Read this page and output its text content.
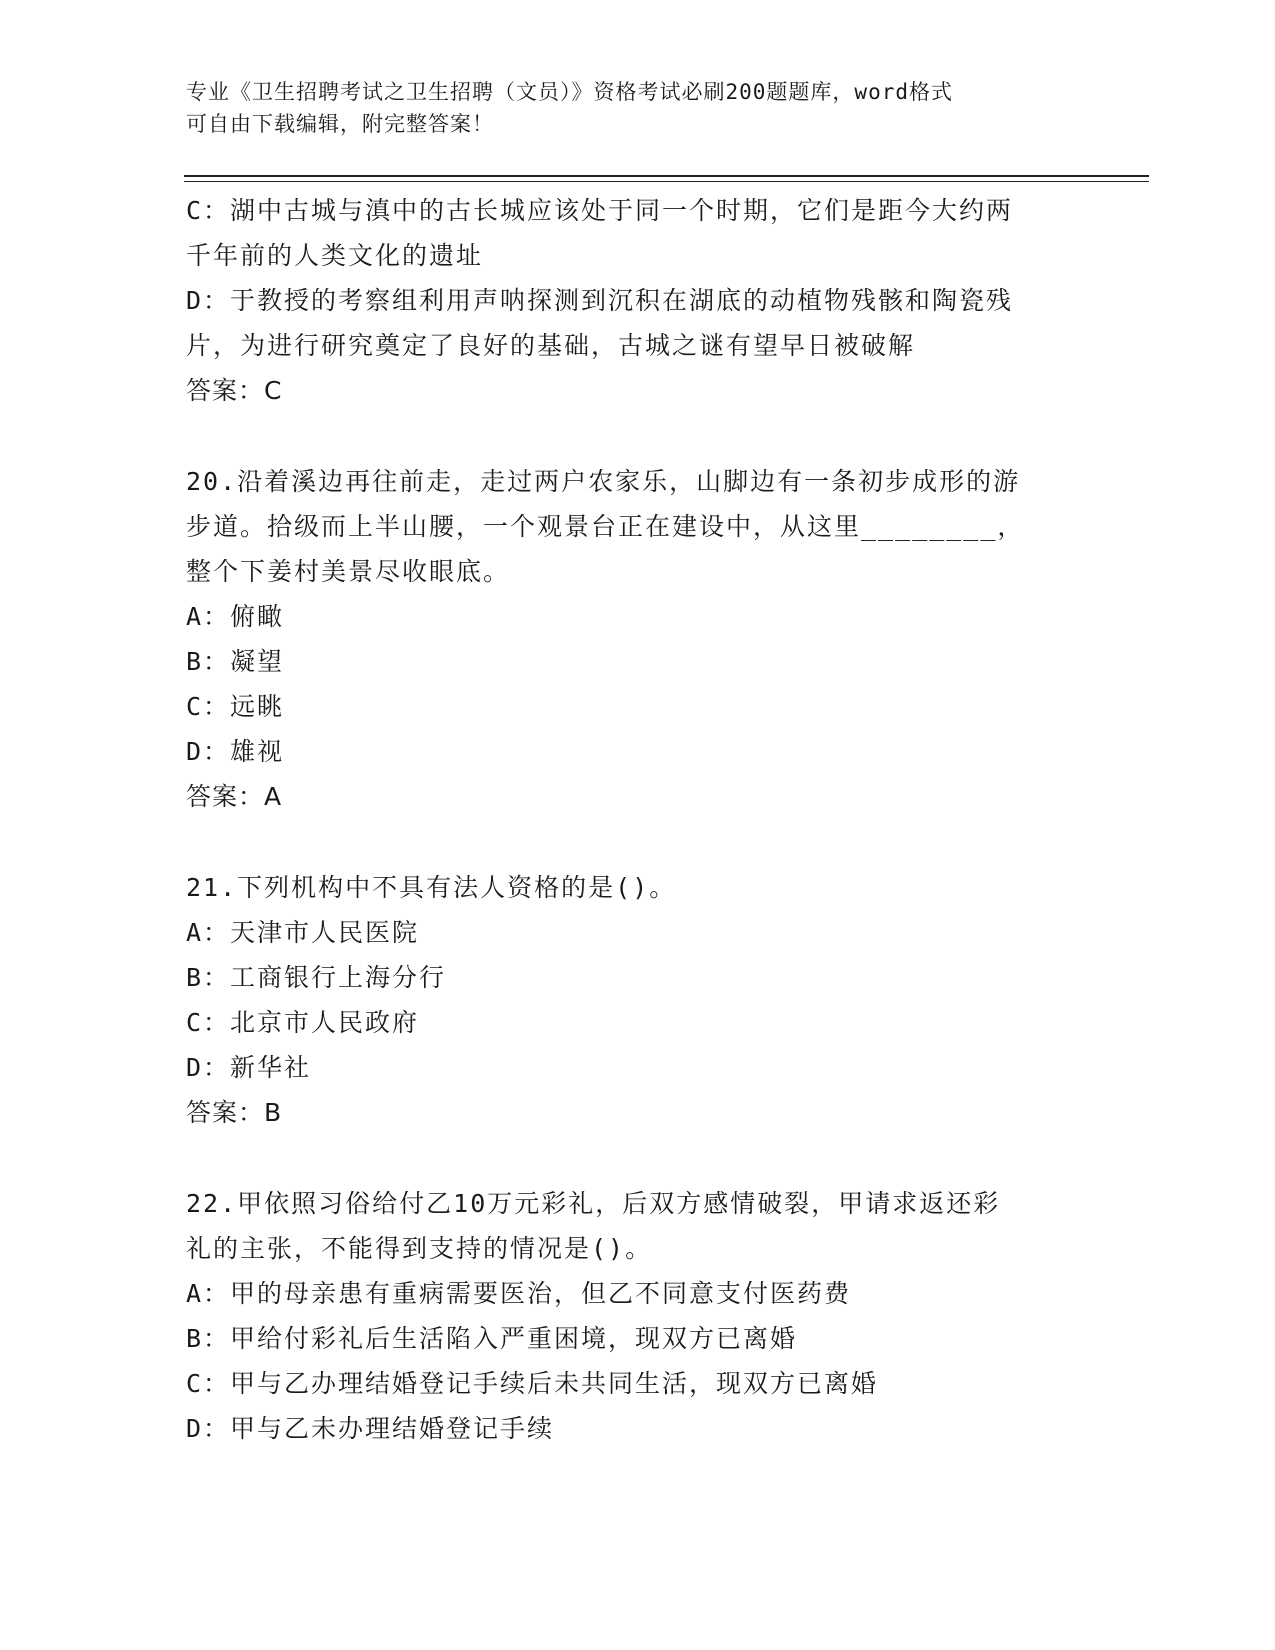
专业《卫生招聘考试之卫生招聘（文员）》资格考试必刷200题题库，word格式
可自由下载编辑，附完整答案！
C：湖中古城与滇中的古长城应该处于同一个时期，它们是距今大约两
千年前的人类文化的遗址
D：于教授的考察组利用声呐探测到沉积在湖底的动植物残骸和陶瓷残
片，为进行研究奠定了良好的基础，古城之谜有望早日被破解
答案：C
20.沿着溪边再往前走，走过两户农家乐，山脚边有一条初步成形的游
步道。拾级而上半山腰，一个观景台正在建设中，从这里________，
整个下姜村美景尽收眼底。
A：俯瞰
B：凝望
C：远眺
D：雄视
答案：A
21.下列机构中不具有法人资格的是()。
A：天津市人民医院
B：工商银行上海分行
C：北京市人民政府
D：新华社
答案：B
22.甲依照习俗给付乙10万元彩礼，后双方感情破裂，甲请求返还彩
礼的主张，不能得到支持的情况是()。
A：甲的母亲患有重病需要医治，但乙不同意支付医药费
B：甲给付彩礼后生活陷入严重困境，现双方已离婚
C：甲与乙办理结婚登记手续后未共同生活，现双方已离婚
D：甲与乙未办理结婚登记手续
